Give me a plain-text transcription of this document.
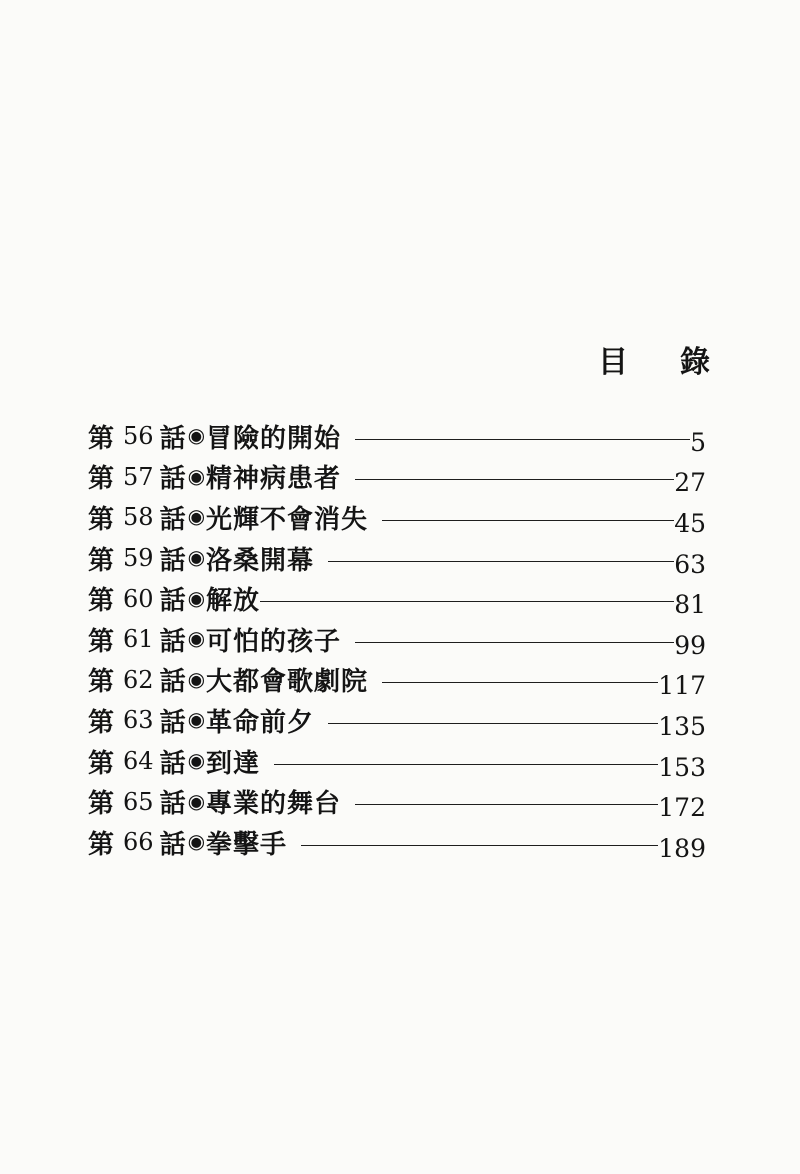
目 錄
第 56 話 ◉ 冒險的開始	5
第 57 話 ◉ 精神病患者	27
第 58 話 ◉ 光輝不會消失	45
第 59 話 ◉ 洛桑開幕	63
第 60 話 ◉ 解放	81
第 61 話 ◉ 可怕的孩子	99
第 62 話 ◉ 大都會歌劇院	117
第 63 話 ◉ 革命前夕	135
第 64 話 ◉ 到達	153
第 65 話 ◉ 專業的舞台	172
第 66 話 ◉ 拳擊手	189
